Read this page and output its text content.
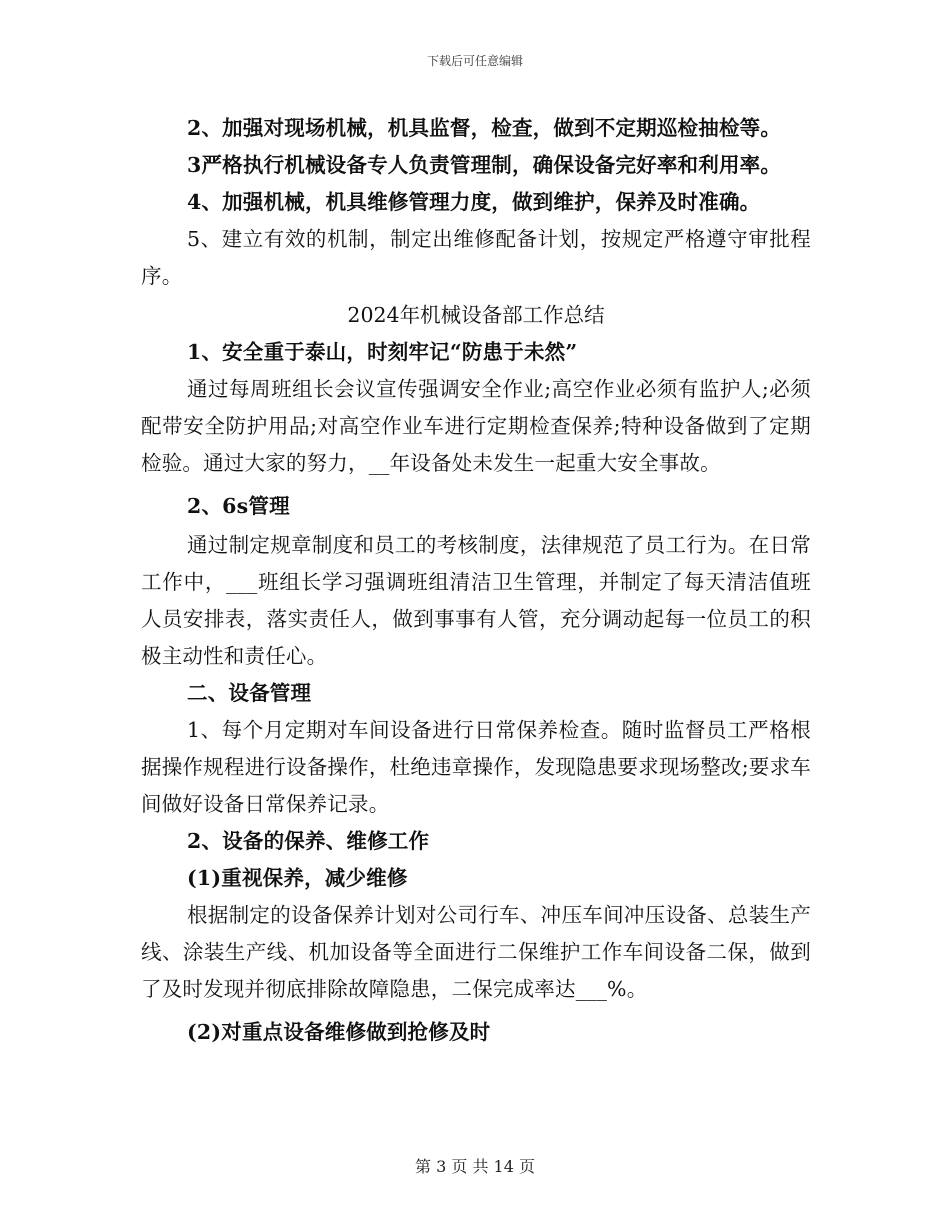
下载后可任意编辑

2、加强对现场机械，机具监督，检查，做到不定期巡检抽检等。

3严格执行机械设备专人负责管理制，确保设备完好率和利用率。

4、加强机械，机具维修管理力度，做到维护，保养及时准确。

5、建立有效的机制，制定出维修配备计划，按规定严格遵守审批程序。

2024年机械设备部工作总结

1、安全重于泰山，时刻牢记“防患于未然”

通过每周班组长会议宣传强调安全作业;高空作业必须有监护人;必须配带安全防护用品;对高空作业车进行定期检查保养;特种设备做到了定期检验。通过大家的努力，__年设备处未发生一起重大安全事故。

2、6s管理

通过制定规章制度和员工的考核制度，法律规范了员工行为。在日常工作中，___班组长学习强调班组清洁卫生管理，并制定了每天清洁值班人员安排表，落实责任人，做到事事有人管，充分调动起每一位员工的积极主动性和责任心。

二、设备管理

1、每个月定期对车间设备进行日常保养检查。随时监督员工严格根据操作规程进行设备操作，杜绝违章操作，发现隐患要求现场整改;要求车间做好设备日常保养记录。

2、设备的保养、维修工作

(1)重视保养，减少维修

根据制定的设备保养计划对公司行车、冲压车间冲压设备、总装生产线、涂装生产线、机加设备等全面进行二保维护工作车间设备二保，做到了及时发现并彻底排除故障隐患，二保完成率达___%。

(2)对重点设备维修做到抢修及时

第 3 页 共 14 页
